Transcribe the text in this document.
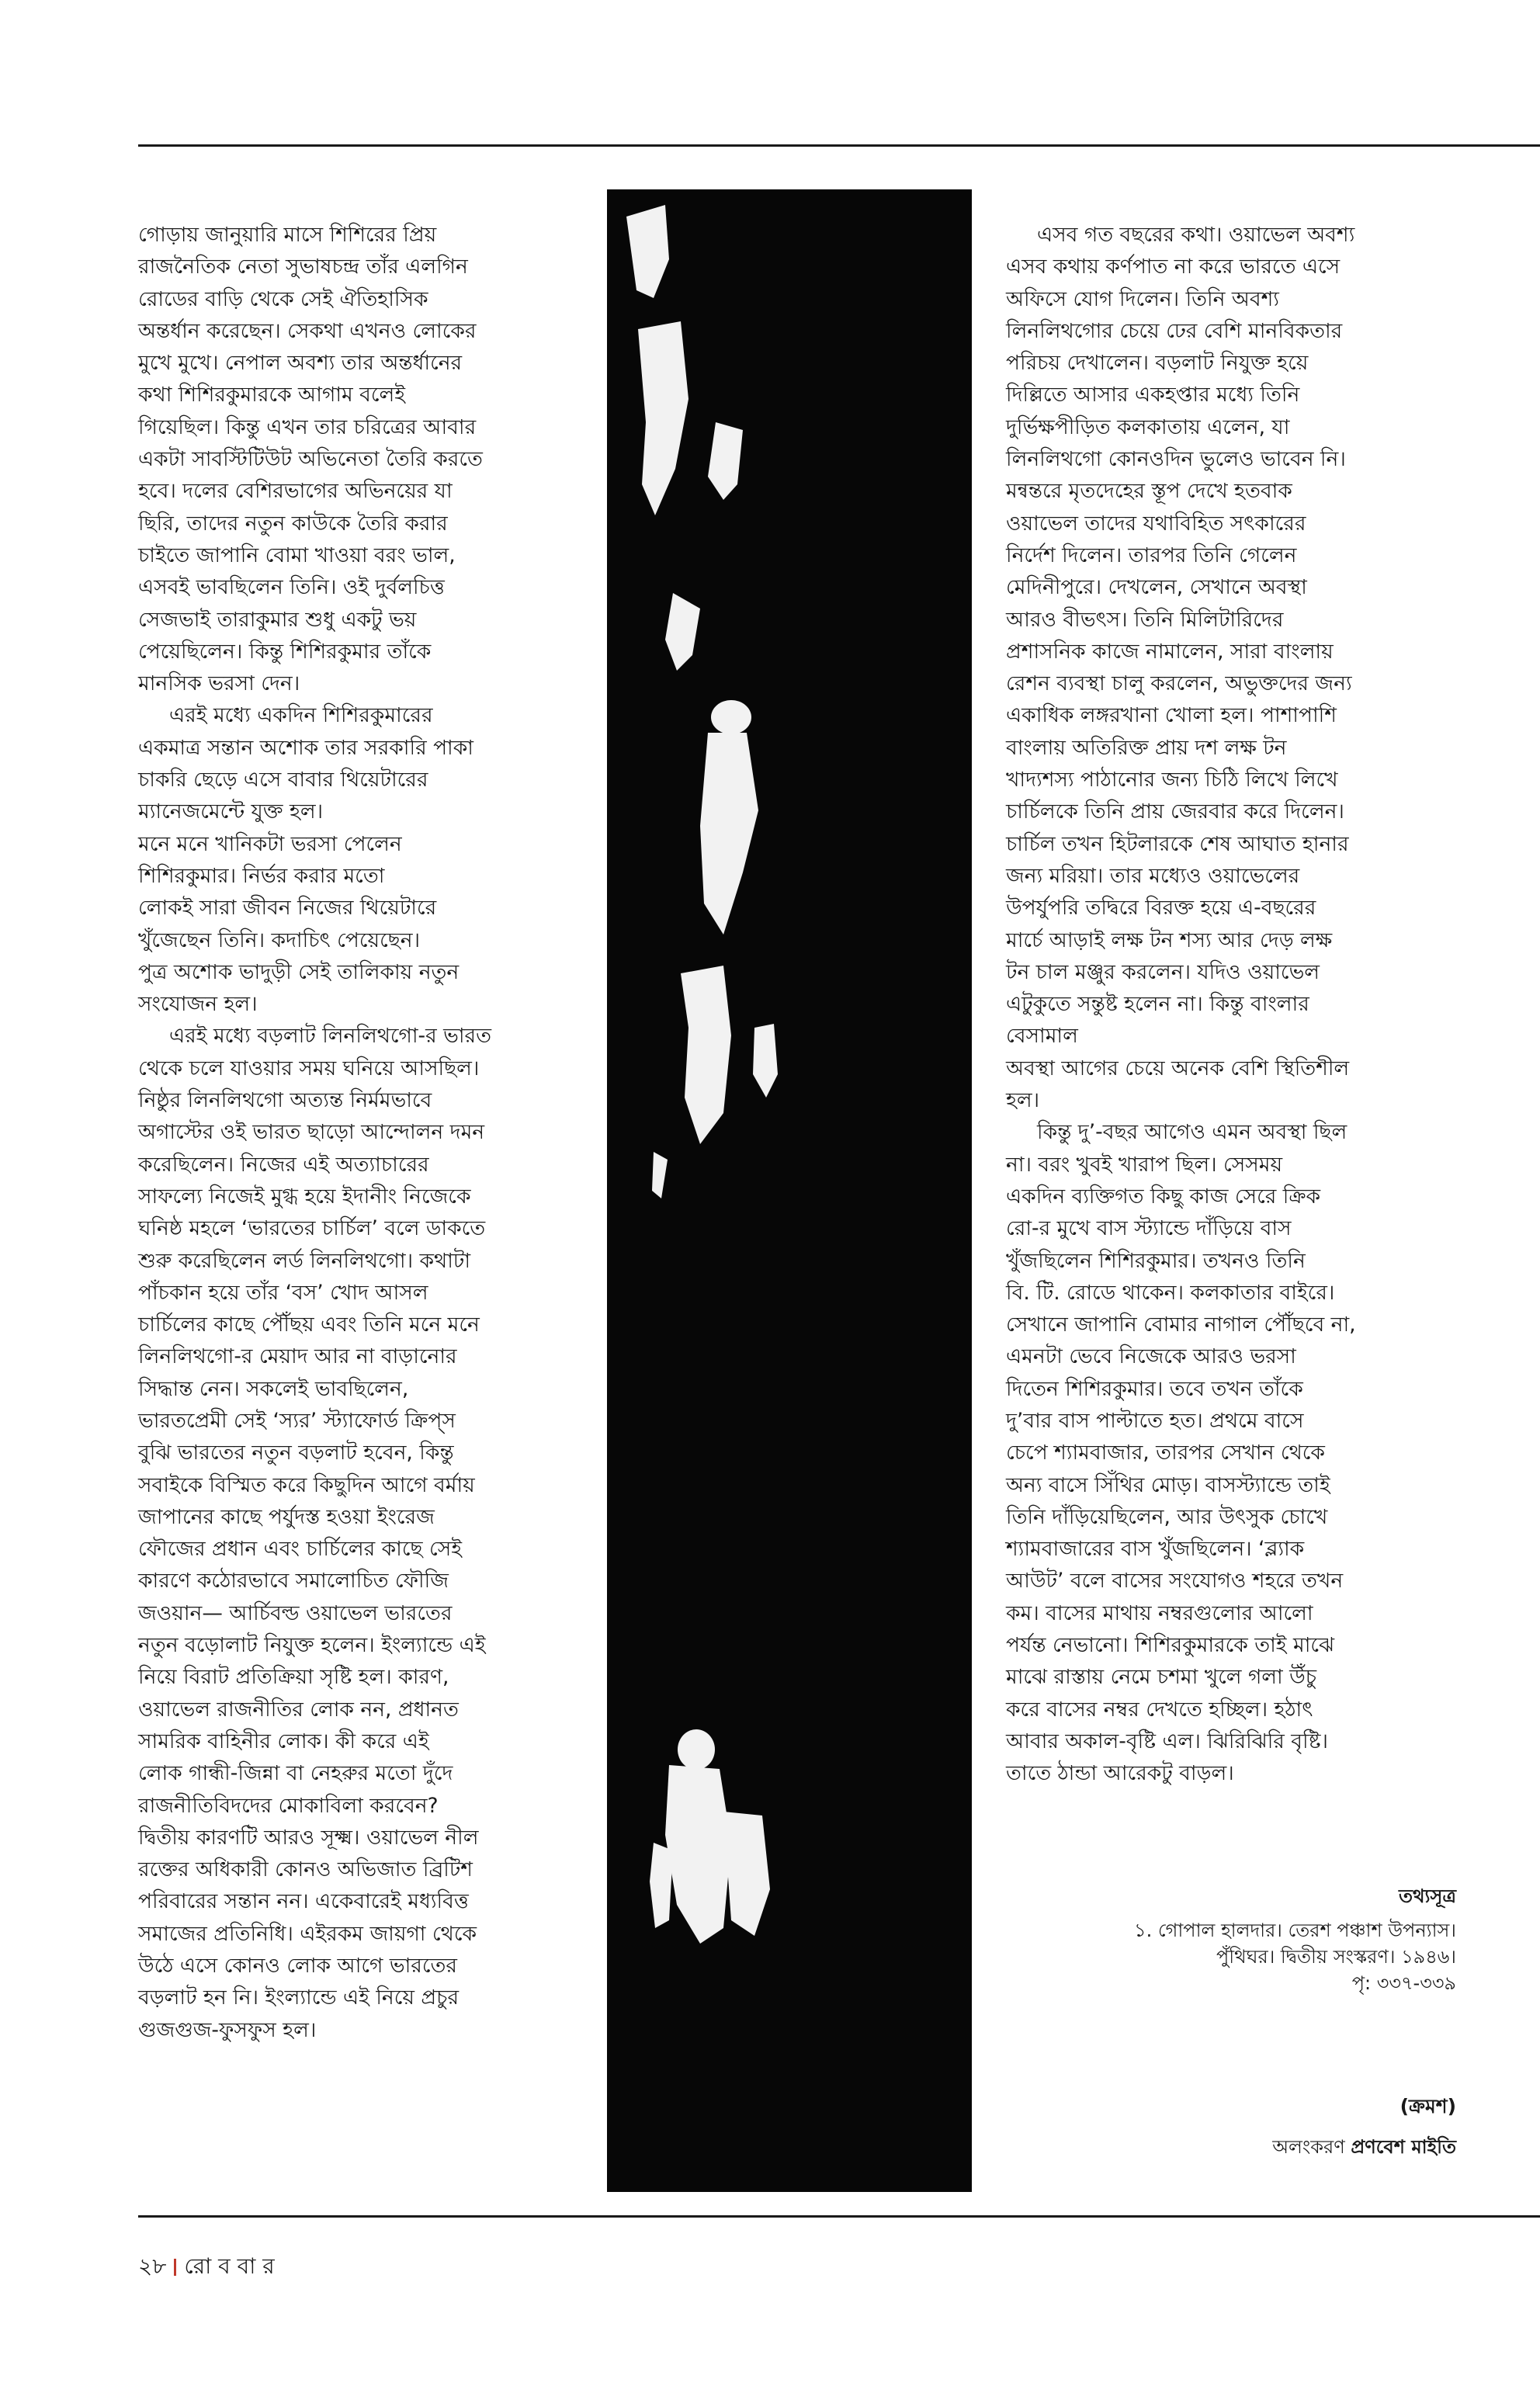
গোড়ায় জানুয়ারি মাসে শিশিরের প্রিয়
রাজনৈতিক নেতা সুভাষচন্দ্র তাঁর এলগিন
রোডের বাড়ি থেকে সেই ঐতিহাসিক
অন্তর্ধান করেছেন। সেকথা এখনও লোকের
মুখে মুখে। নেপাল অবশ্য তার অন্তর্ধানের
কথা শিশিরকুমারকে আগাম বলেই
গিয়েছিল। কিন্তু এখন তার চরিত্রের আবার
একটা সাবস্টিটিউট অভিনেতা তৈরি করতে
হবে। দলের বেশিরভাগের অভিনয়ের যা
ছিরি, তাদের নতুন কাউকে তৈরি করার
চাইতে জাপানি বোমা খাওয়া বরং ভাল,
এসবই ভাবছিলেন তিনি। ওই দুর্বলচিত্ত
সেজভাই তারাকুমার শুধু একটু ভয়
পেয়েছিলেন। কিন্তু শিশিরকুমার তাঁকে
মানসিক ভরসা দেন।

এরই মধ্যে একদিন শিশিরকুমারের
একমাত্র সন্তান অশোক তার সরকারি পাকা
চাকরি ছেড়ে এসে বাবার থিয়েটারের
ম্যানেজমেন্টে যুক্ত হল।

মনে মনে খানিকটা ভরসা পেলেন
শিশিরকুমার। নির্ভর করার মতো
লোকই সারা জীবন নিজের থিয়েটারে
খুঁজেছেন তিনি। কদাচিৎ পেয়েছেন।
পুত্র অশোক ভাদুড়ী সেই তালিকায় নতুন
সংযোজন হল।

এরই মধ্যে বড়লাট লিনলিথগো-র ভারত
থেকে চলে যাওয়ার সময় ঘনিয়ে আসছিল।
নিষ্ঠুর লিনলিথগো অত্যন্ত নির্মমভাবে
অগাস্টের ওই ভারত ছাড়ো আন্দোলন দমন
করেছিলেন। নিজের এই অত্যাচারের
সাফল্যে নিজেই মুগ্ধ হয়ে ইদানীং নিজেকে
ঘনিষ্ঠ মহলে ‘ভারতের চার্চিল’ বলে ডাকতে
শুরু করেছিলেন লর্ড লিনলিথগো। কথাটা
পাঁচকান হয়ে তাঁর ‘বস’ খোদ আসল
চার্চিলের কাছে পৌঁছয় এবং তিনি মনে মনে
লিনলিথগো-র মেয়াদ আর না বাড়ানোর
সিদ্ধান্ত নেন। সকলেই ভাবছিলেন,
ভারতপ্রেমী সেই ‘স্যর’ স্ট্যাফোর্ড ক্রিপ্‌স
বুঝি ভারতের নতুন বড়লাট হবেন, কিন্তু
সবাইকে বিস্মিত করে কিছুদিন আগে বর্মায়
জাপানের কাছে পর্যুদস্ত হওয়া ইংরেজ
ফৌজের প্রধান এবং চার্চিলের কাছে সেই
কারণে কঠোরভাবে সমালোচিত ফৌজি
জওয়ান— আর্চিবল্ড ওয়াভেল ভারতের
নতুন বড়োলাট নিযুক্ত হলেন। ইংল্যান্ডে এই
নিয়ে বিরাট প্রতিক্রিয়া সৃষ্টি হল। কারণ,
ওয়াভেল রাজনীতির লোক নন, প্রধানত
সামরিক বাহিনীর লোক। কী করে এই
লোক গান্ধী-জিন্না বা নেহরুর মতো দুঁদে
রাজনীতিবিদদের মোকাবিলা করবেন?
দ্বিতীয় কারণটি আরও সূক্ষ্ম। ওয়াভেল নীল
রক্তের অধিকারী কোনও অভিজাত ব্রিটিশ
পরিবারের সন্তান নন। একেবারেই মধ্যবিত্ত
সমাজের প্রতিনিধি। এইরকম জায়গা থেকে
উঠে এসে কোনও লোক আগে ভারতের
বড়লাট হন নি। ইংল্যান্ডে এই নিয়ে প্রচুর
গুজগুজ-ফুসফুস হল।

এসব গত বছরের কথা। ওয়াভেল অবশ্য
এসব কথায় কর্ণপাত না করে ভারতে এসে
অফিসে যোগ দিলেন। তিনি অবশ্য
লিনলিথগোর চেয়ে ঢের বেশি মানবিকতার
পরিচয় দেখালেন। বড়লাট নিযুক্ত হয়ে
দিল্লিতে আসার একহপ্তার মধ্যে তিনি
দুর্ভিক্ষপীড়িত কলকাতায় এলেন, যা
লিনলিথগো কোনওদিন ভুলেও ভাবেন নি।
মন্বন্তরে মৃতদেহের স্তূপ দেখে হতবাক
ওয়াভেল তাদের যথাবিহিত সৎকারের
নির্দেশ দিলেন। তারপর তিনি গেলেন
মেদিনীপুরে। দেখলেন, সেখানে অবস্থা
আরও বীভৎস। তিনি মিলিটারিদের
প্রশাসনিক কাজে নামালেন, সারা বাংলায়
রেশন ব্যবস্থা চালু করলেন, অভুক্তদের জন্য
একাধিক লঙ্গরখানা খোলা হল। পাশাপাশি
বাংলায় অতিরিক্ত প্রায় দশ লক্ষ টন
খাদ্যশস্য পাঠানোর জন্য চিঠি লিখে লিখে
চার্চিলকে তিনি প্রায় জেরবার করে দিলেন।
চার্চিল তখন হিটলারকে শেষ আঘাত হানার
জন্য মরিয়া। তার মধ্যেও ওয়াভেলের
উপর্যুপরি তদ্বিরে বিরক্ত হয়ে এ-বছরের
মার্চে আড়াই লক্ষ টন শস্য আর দেড় লক্ষ
টন চাল মঞ্জুর করলেন। যদিও ওয়াভেল
এটুকুতে সন্তুষ্ট হলেন না। কিন্তু বাংলার
বেসামাল
অবস্থা আগের চেয়ে অনেক বেশি স্থিতিশীল
হল।

কিন্তু দু’-বছর আগেও এমন অবস্থা ছিল
না। বরং খুবই খারাপ ছিল। সেসময়
একদিন ব্যক্তিগত কিছু কাজ সেরে ক্রিক
রো-র মুখে বাস স্ট্যান্ডে দাঁড়িয়ে বাস
খুঁজছিলেন শিশিরকুমার। তখনও তিনি
বি. টি. রোডে থাকেন। কলকাতার বাইরে।
সেখানে জাপানি বোমার নাগাল পৌঁছবে না,
এমনটা ভেবে নিজেকে আরও ভরসা
দিতেন শিশিরকুমার। তবে তখন তাঁকে
দু’বার বাস পাল্টাতে হত। প্রথমে বাসে
চেপে শ্যামবাজার, তারপর সেখান থেকে
অন্য বাসে সিঁথির মোড়। বাসস্ট্যান্ডে তাই
তিনি দাঁড়িয়েছিলেন, আর উৎসুক চোখে
শ্যামবাজারের বাস খুঁজছিলেন। ‘ব্ল্যাক
আউট’ বলে বাসের সংযোগও শহরে তখন
কম। বাসের মাথায় নম্বরগুলোর আলো
পর্যন্ত নেভানো। শিশিরকুমারকে তাই মাঝে
মাঝে রাস্তায় নেমে চশমা খুলে গলা উঁচু
করে বাসের নম্বর দেখতে হচ্ছিল। হঠাৎ
আবার অকাল-বৃষ্টি এল। ঝিরিঝিরি বৃষ্টি।
তাতে ঠান্ডা আরেকটু বাড়ল।

তথ্যসূত্র
১. গোপাল হালদার। তেরশ পঞ্চাশ উপন্যাস।
পুঁথিঘর। দ্বিতীয় সংস্করণ। ১৯৪৬।
পৃ: ৩৩৭-৩৩৯
(ক্রমশ)
অলংকরণ প্রণবেশ মাইতি
২৮ রো ব বা র
